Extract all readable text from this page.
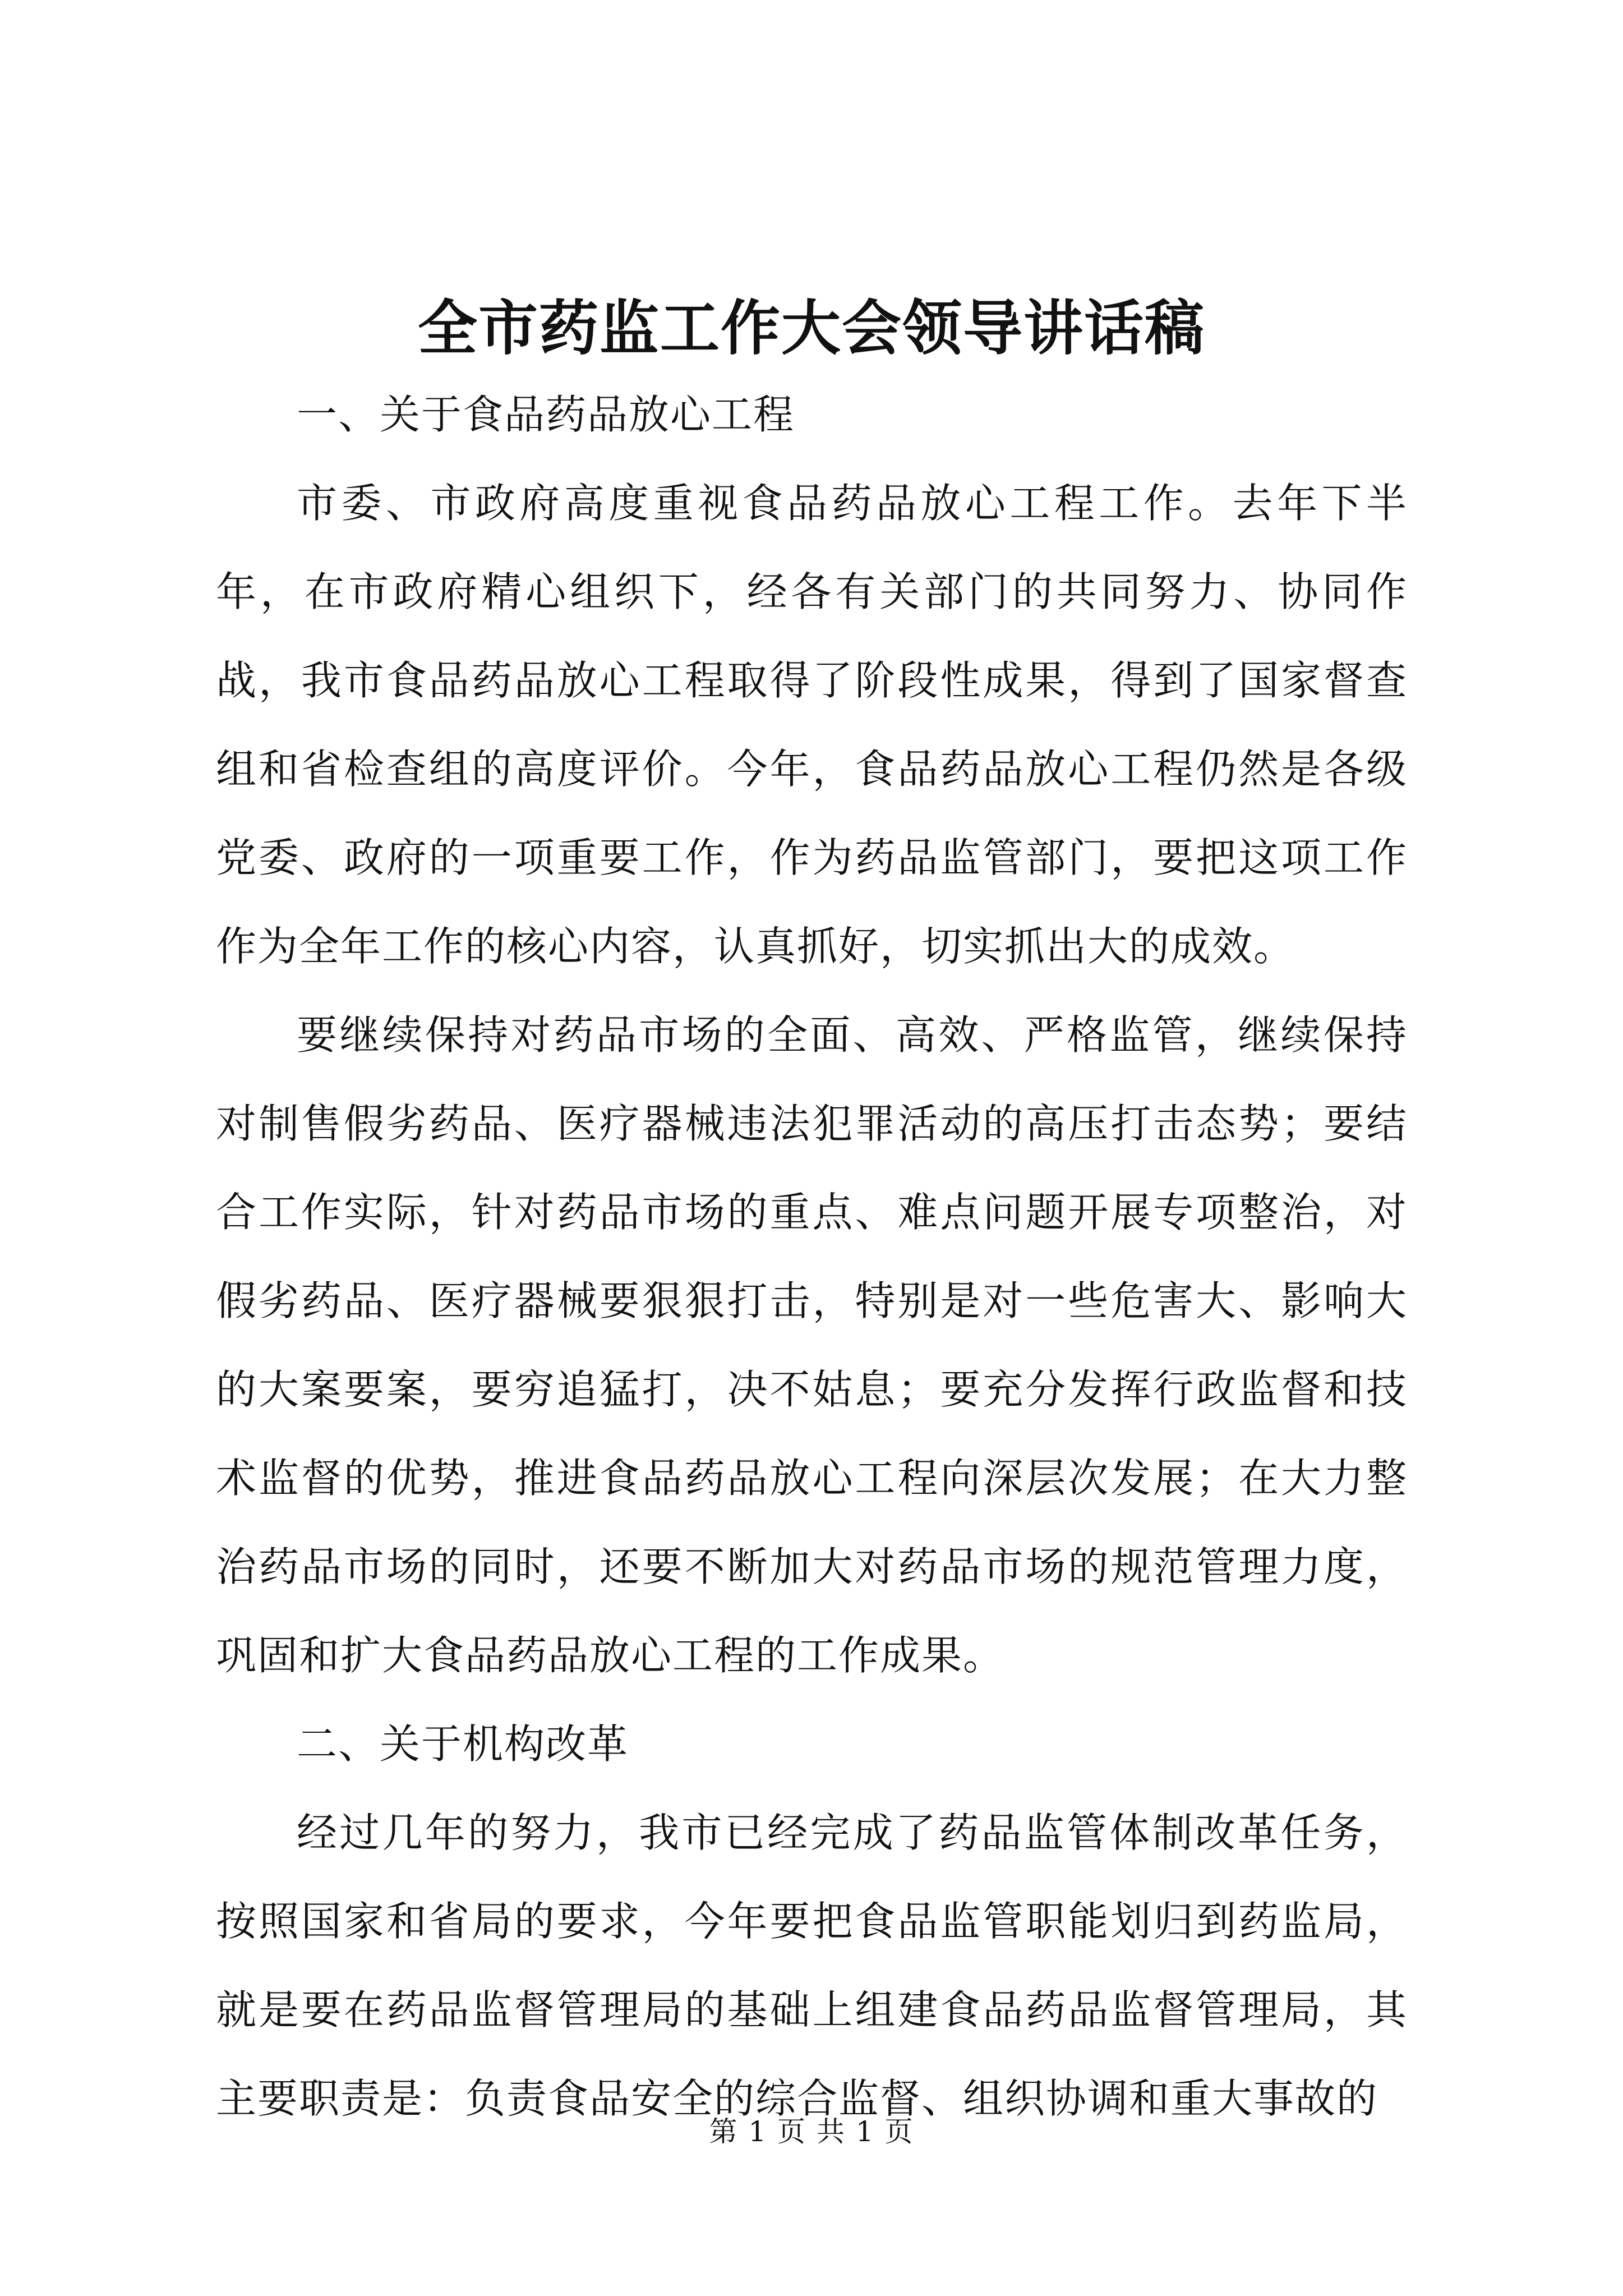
全市药监工作大会领导讲话稿

一、关于食品药品放心工程

市委、市政府高度重视食品药品放心工程工作。去年下半年，在市政府精心组织下，经各有关部门的共同努力、协同作战，我市食品药品放心工程取得了阶段性成果，得到了国家督查组和省检查组的高度评价。今年，食品药品放心工程仍然是各级党委、政府的一项重要工作，作为药品监管部门，要把这项工作作为全年工作的核心内容，认真抓好，切实抓出大的成效。

要继续保持对药品市场的全面、高效、严格监管，继续保持对制售假劣药品、医疗器械违法犯罪活动的高压打击态势；要结合工作实际，针对药品市场的重点、难点问题开展专项整治，对假劣药品、医疗器械要狠狠打击，特别是对一些危害大、影响大的大案要案，要穷追猛打，决不姑息；要充分发挥行政监督和技术监督的优势，推进食品药品放心工程向深层次发展；在大力整治药品市场的同时，还要不断加大对药品市场的规范管理力度，巩固和扩大食品药品放心工程的工作成果。

二、关于机构改革

经过几年的努力，我市已经完成了药品监管体制改革任务，按照国家和省局的要求，今年要把食品监管职能划归到药监局，就是要在药品监督管理局的基础上组建食品药品监督管理局，其主要职责是：负责食品安全的综合监督、组织协调和重大事故的

第 1 页 共 1 页
